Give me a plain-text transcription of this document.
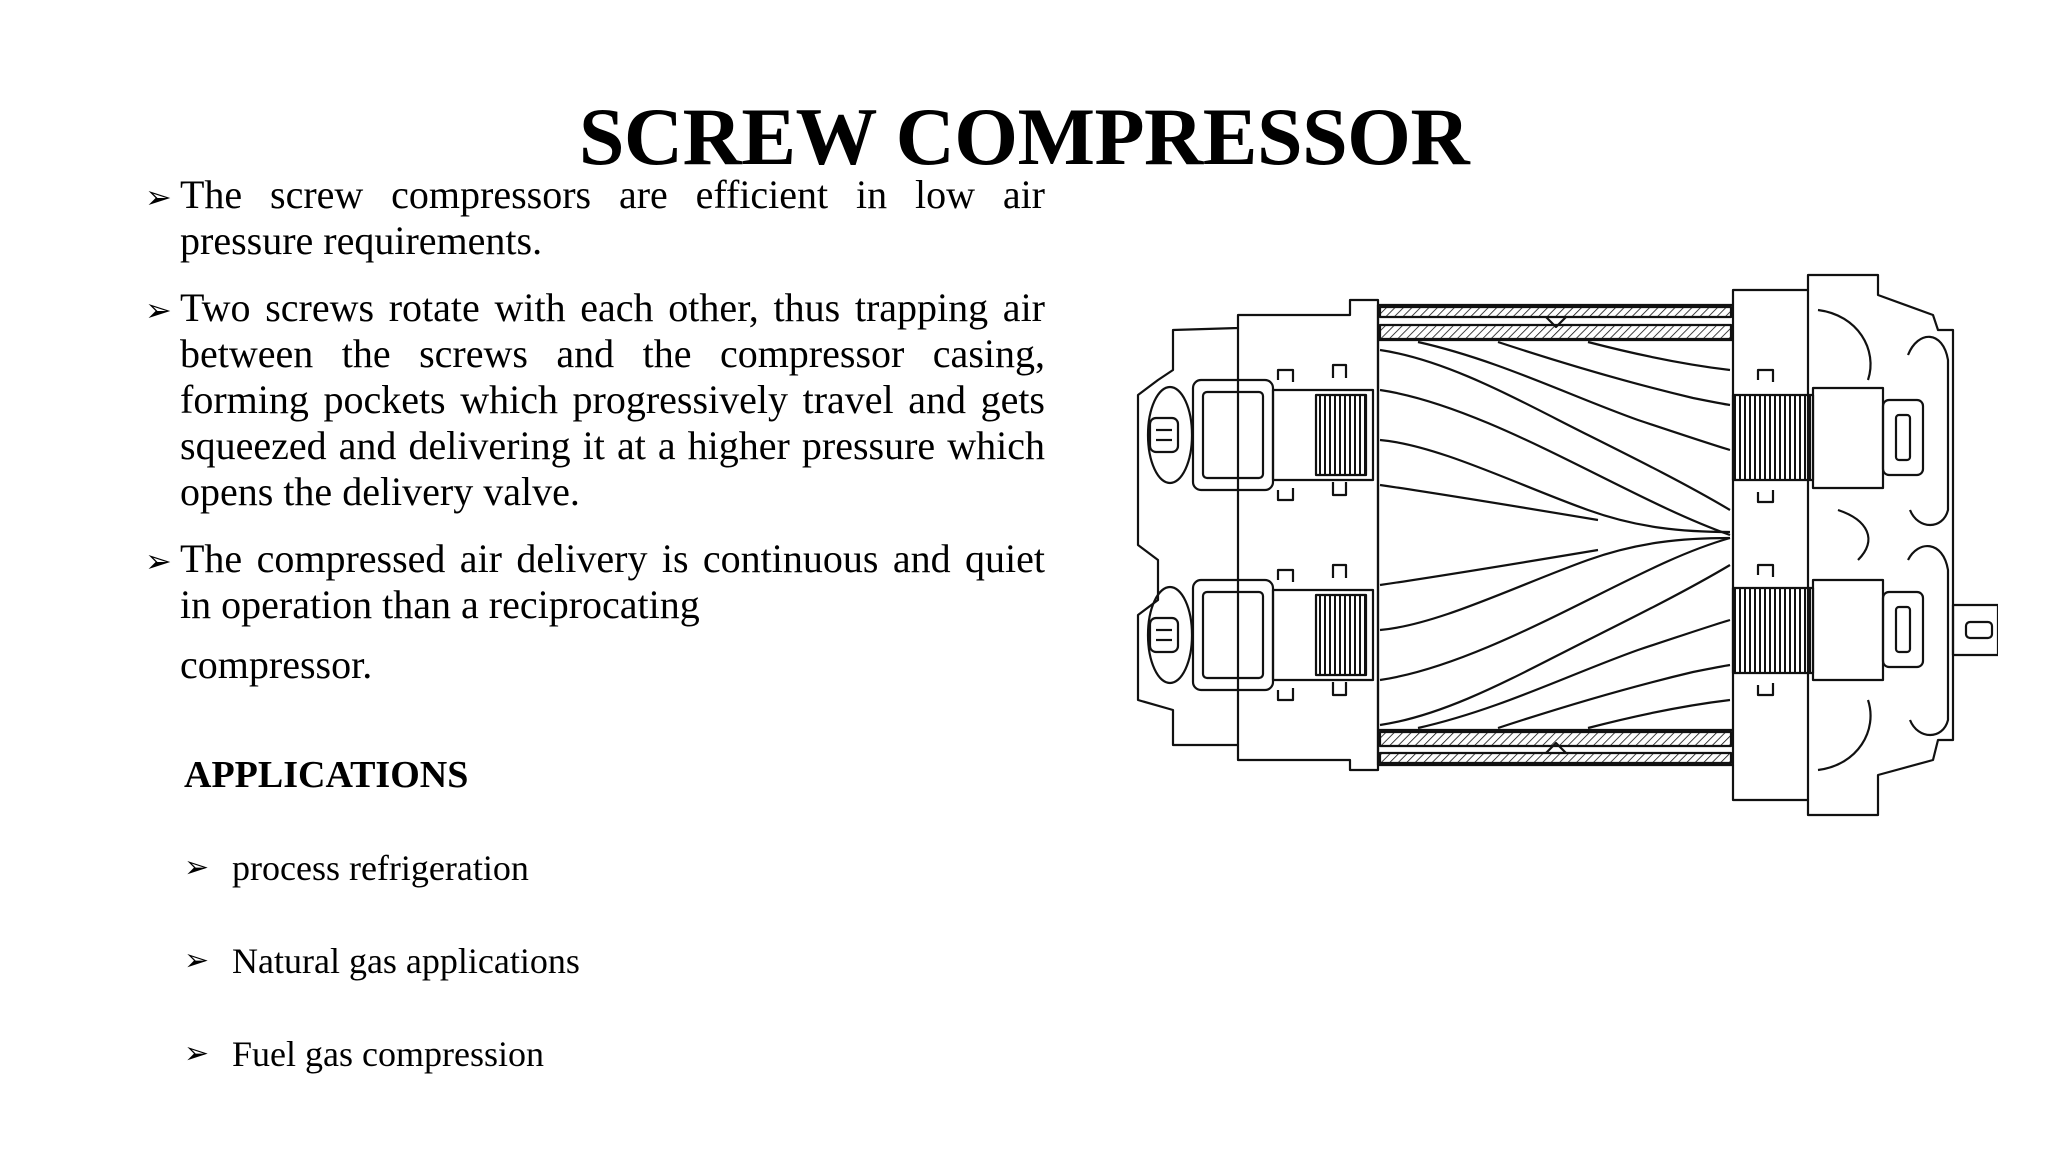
SCREW COMPRESSOR
➢ The screw compressors are efficient in low air pressure requirements.
➢ Two screws rotate with each other, thus trapping air between the screws and the compressor casing, forming pockets which progressively travel and gets squeezed and delivering it at a higher pressure which opens the delivery valve.
➢ The compressed air delivery is continuous and quiet in operation than a reciprocating
compressor.
APPLICATIONS
➢ process refrigeration
➢ Natural gas applications
➢ Fuel gas compression
